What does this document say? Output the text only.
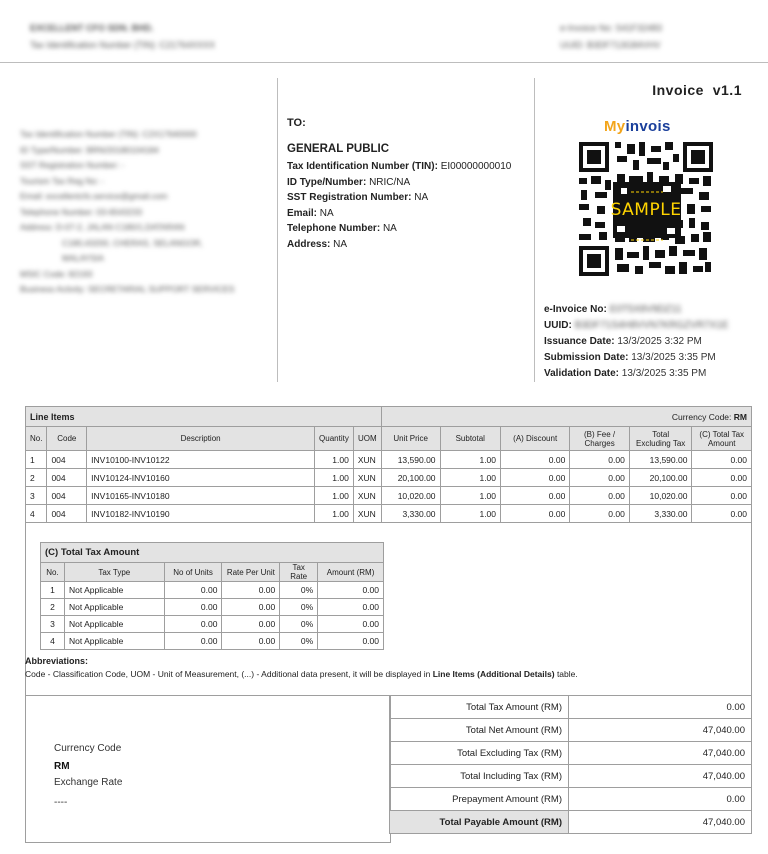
EXCELLENT CFO SDN. BHD.
Tax Identification Number (TIN): C21764XXXX
e-Invoice No: S41F32483
UUID: B3DF713G84VHV
Tax Identification Number (TIN): C2X17640000
ID Type/Number: BRN/20180104184
SST Registration Number: -
Tourism Tax Reg No: -
Email: excellentcfo.service@gmail.com
Telephone Number: 03-6543233
Address: D-07-2, JALAN C180/1,DATARAN
C180,43200, CHERAS, SELANGOR,
MALAYSIA
MSIC Code: 82193
Business Activity: SECRETARIAL SUPPORT SERVICES
TO:
GENERAL PUBLIC
Tax Identification Number (TIN): EI00000000010
ID Type/Number: NRIC/NA
SST Registration Number: NA
Email: NA
Telephone Number: NA
Address: NA
Invoice  v1.1
Myinvois
SAMPLE
e-Invoice No: E0T5X8V9DZ11
UUID: B3DF71S4H8VVN7KRGZVR7X1E
Issuance Date: 13/3/2025 3:32 PM
Submission Date: 13/3/2025 3:35 PM
Validation Date: 13/3/2025 3:35 PM
Line Items					Currency Code: RM					
No.	Code	Description	Quantity	UOM	Unit Price	Subtotal	(A) Discount	(B) Fee / Charges	Total Excluding Tax	(C) Total Tax Amount
1	004	INV10100-INV10122	1.00	XUN	13,590.00	1.00	0.00	0.00	13,590.00	0.00
2	004	INV10124-INV10160	1.00	XUN	20,100.00	1.00	0.00	0.00	20,100.00	0.00
3	004	INV10165-INV10180	1.00	XUN	10,020.00	1.00	0.00	0.00	10,020.00	0.00
4	004	INV10182-INV10190	1.00	XUN	3,330.00	1.00	0.00	0.00	3,330.00	0.00
(C) Total Tax Amount					
No.	Tax Type	No of Units	Rate Per Unit	Tax Rate	Amount (RM)
1	Not Applicable	0.00	0.00	0%	0.00
2	Not Applicable	0.00	0.00	0%	0.00
3	Not Applicable	0.00	0.00	0%	0.00
4	Not Applicable	0.00	0.00	0%	0.00
Abbreviations:
Code - Classification Code, UOM - Unit of Measurement, (...) - Additional data present, it will be displayed in Line Items (Additional Details) table.
Currency Code
RM
Exchange Rate
----
Total Tax Amount (RM)	0.00
Total Net Amount (RM)	47,040.00
Total Excluding Tax (RM)	47,040.00
Total Including Tax (RM)	47,040.00
Prepayment Amount (RM)	0.00
Total Payable Amount (RM)	47,040.00
